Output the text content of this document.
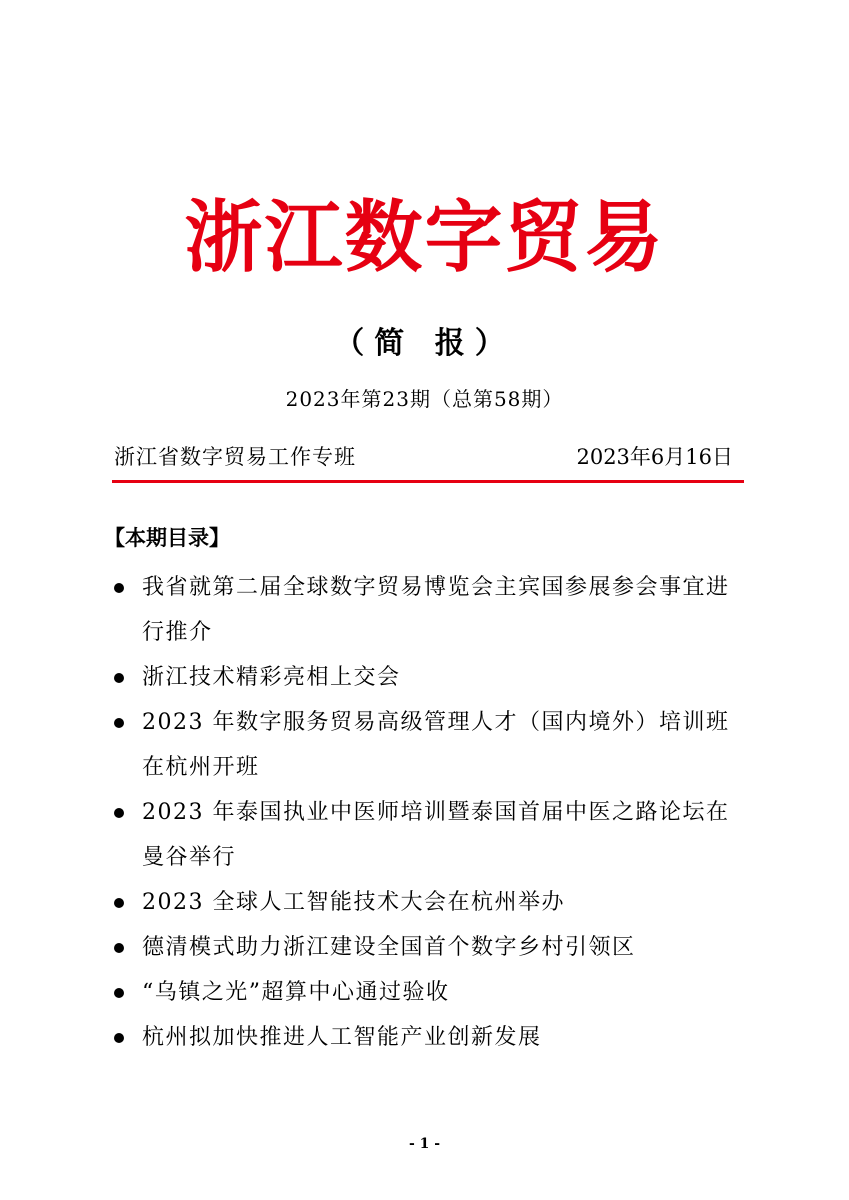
浙江数字贸易
（简 报）
2023年第23期（总第58期）
浙江省数字贸易工作专班	2023年6月16日
【本期目录】
我省就第二届全球数字贸易博览会主宾国参展参会事宜进行推介
浙江技术精彩亮相上交会
2023 年数字服务贸易高级管理人才（国内境外）培训班在杭州开班
2023 年泰国执业中医师培训暨泰国首届中医之路论坛在曼谷举行
2023 全球人工智能技术大会在杭州举办
德清模式助力浙江建设全国首个数字乡村引领区
“乌镇之光”超算中心通过验收
杭州拟加快推进人工智能产业创新发展
- 1 -
